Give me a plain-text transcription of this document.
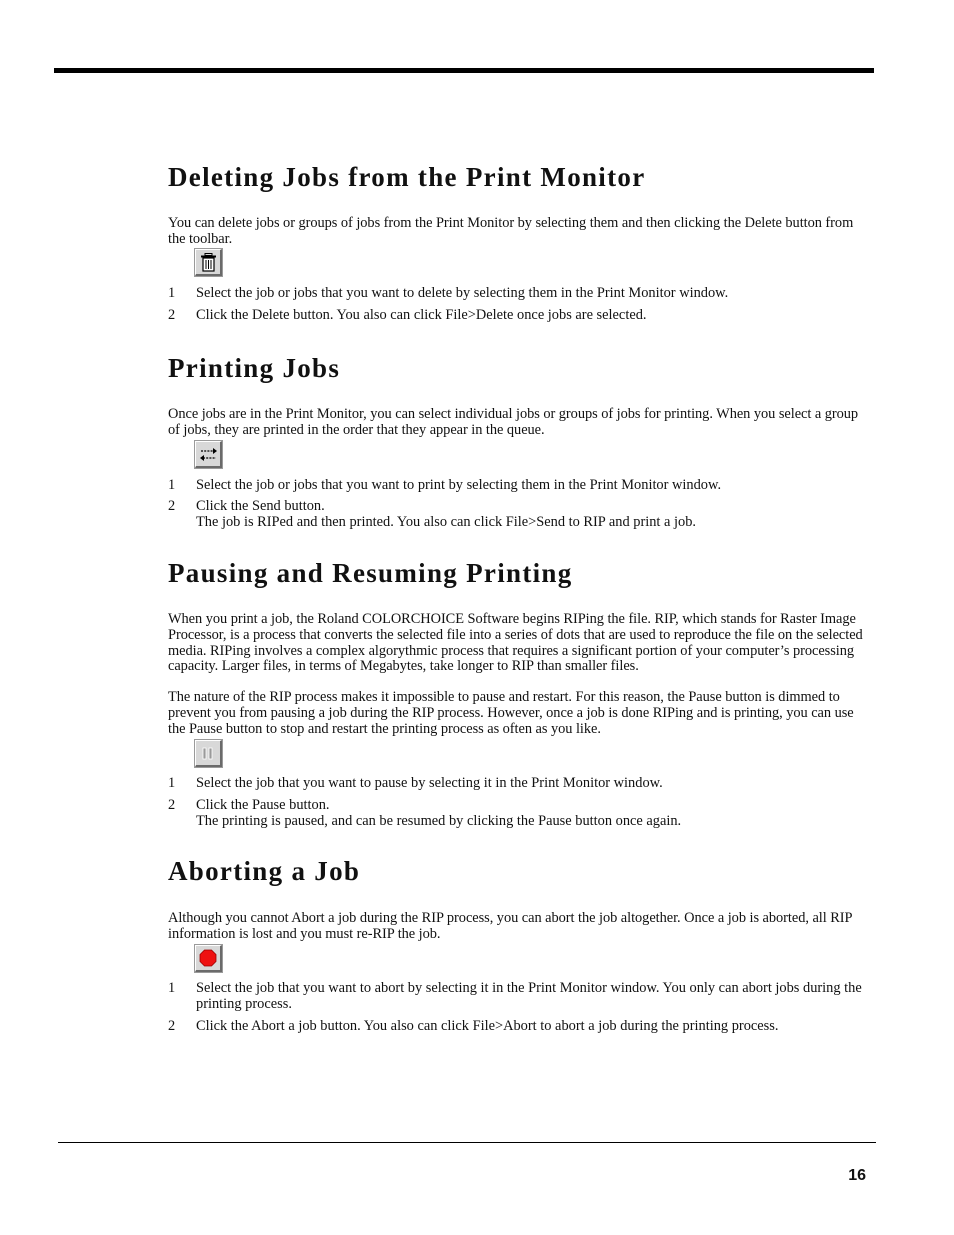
Deleting Jobs from the Print Monitor

You can delete jobs or groups of jobs from the Print Monitor by selecting them and then clicking the Delete button from the toolbar.

1	Select the job or jobs that you want to delete by selecting them in the Print Monitor window.
2	Click the Delete button. You also can click File>Delete once jobs are selected.
Printing Jobs

Once jobs are in the Print Monitor, you can select individual jobs or groups of jobs for printing. When you select a group of jobs, they are printed in the order that they appear in the queue.

1	Select the job or jobs that you want to print by selecting them in the Print Monitor window.
2	Click the Send button.
The job is RIPed and then printed. You also can click File>Send to RIP and print a job.
Pausing and Resuming Printing

When you print a job, the Roland COLORCHOICE Software begins RIPing the file. RIP, which stands for Raster Image Processor, is a process that converts the selected file into a series of dots that are used to reproduce the file on the selected media. RIPing involves a complex algorythmic process that requires a significant portion of your computer’s processing capacity. Larger files, in terms of Megabytes, take longer to RIP than smaller files.

The nature of the RIP process makes it impossible to pause and restart. For this reason, the Pause button is dimmed to prevent you from pausing a job during the RIP process. However, once a job is done RIPing and is printing, you can use the Pause button to stop and restart the printing process as often as you like.

1	Select the job that you want to pause by selecting it in the Print Monitor window.
2	Click the Pause button.
The printing is paused, and can be resumed by clicking the Pause button once again.
Aborting a Job

Although you cannot Abort a job during the RIP process, you can abort the job altogether. Once a job is aborted, all RIP information is lost and you must re-RIP the job.

1	Select the job that you want to abort by selecting it in the Print Monitor window. You only can abort jobs during the printing process.
2	Click the Abort a job button. You also can click File>Abort to abort a job during the printing process.
16
